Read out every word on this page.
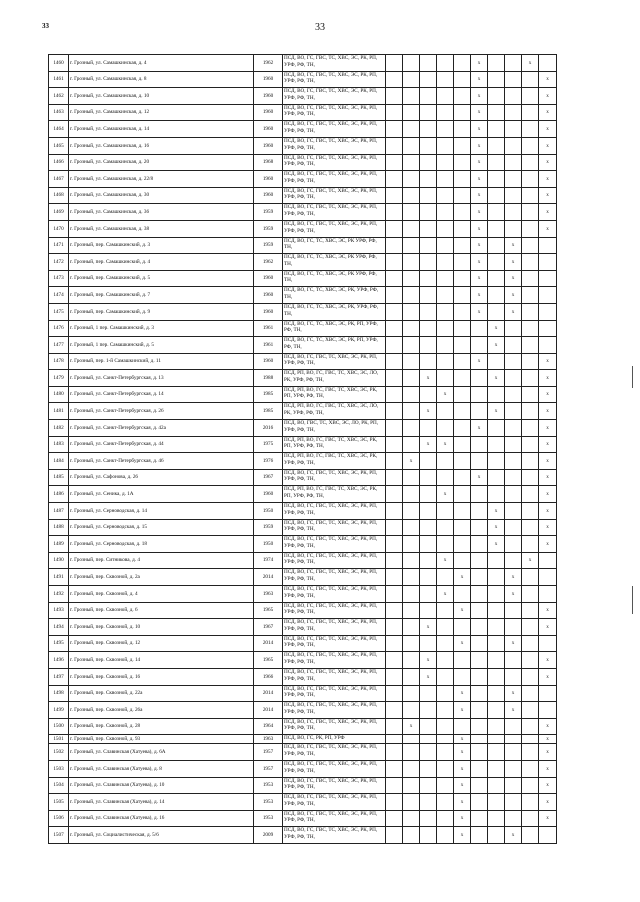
33	33
1460	г. Грозный, ул. Самашкинская, д. 4	1962	ПСД, ВО, ГС, ГВС, ТС, ХВС, ЭС, РК, РП, УРФ, РФ, ТН,						x			x	
1461	г. Грозный, ул. Самашкинская, д. 8	1960	ПСД, ВО, ГС, ГВС, ТС, ХВС, ЭС, РК, РП, УРФ, РФ, ТН,						x				x
1462	г. Грозный, ул. Самашкинская, д. 10	1960	ПСД, ВО, ГС, ГВС, ТС, ХВС, ЭС, РК, РП, УРФ, РФ, ТН,						x				x
1463	г. Грозный, ул. Самашкинская, д. 12	1960	ПСД, ВО, ГС, ГВС, ТС, ХВС, ЭС, РК, РП, УРФ, РФ, ТН,						x				x
1464	г. Грозный, ул. Самашкинская, д. 14	1960	ПСД, ВО, ГС, ГВС, ТС, ХВС, ЭС, РК, РП, УРФ, РФ, ТН,						x				x
1465	г. Грозный, ул. Самашкинская, д. 16	1960	ПСД, ВО, ГС, ГВС, ТС, ХВС, ЭС, РК, РП, УРФ, РФ, ТН,						x				x
1466	г. Грозный, ул. Самашкинская, д. 20	1968	ПСД, ВО, ГС, ГВС, ТС, ХВС, ЭС, РК, РП, УРФ, РФ, ТН,						x				x
1467	г. Грозный, ул. Самашкинская, д. 22/8	1960	ПСД, ВО, ГС, ГВС, ТС, ХВС, ЭС, РК, РП, УРФ, РФ, ТН,						x				x
1468	г. Грозный, ул. Самашкинская, д. 30	1960	ПСД, ВО, ГС, ГВС, ТС, ХВС, ЭС, РК, РП, УРФ, РФ, ТН,						x				x
1469	г. Грозный, ул. Самашкинская, д. 36	1959	ПСД, ВО, ГС, ГВС, ТС, ХВС, ЭС, РК, РП, УРФ, РФ, ТН,						x				x
1470	г. Грозный, ул. Самашкинская, д. 38	1959	ПСД, ВО, ГС, ГВС, ТС, ХВС, ЭС, РК, РП, УРФ, РФ, ТН,						x				x
1471	г. Грозный, пер. Самашкинский, д. 3	1959	ПСД, ВО, ГС, ТС, ХВС, ЭС, РК УРФ, РФ, ТН,						x		x		
1472	г. Грозный, пер. Самашкинский, д. 4	1962	ПСД, ВО, ГС, ТС, ХВС, ЭС, РК УРФ, РФ, ТН,						x		x		
1473	г. Грозный, пер. Самашкинский, д. 5	1960	ПСД, ВО, ГС, ТС, ХВС, ЭС, РК УРФ, РФ, ТН,						x		x		
1474	г. Грозный, пер. Самашкинский, д. 7	1960	ПСД, ВО, ГС, ТС, ХВС, ЭС, РК, УРФ, РФ, ТН,						x		x		
1475	г. Грозный, пер. Самашкинский, д. 9	1960	ПСД, ВО, ГС, ТС, ХВС, ЭС, РК, УРФ, РФ, ТН,						x		x		
1476	г. Грозный, 1 пер. Самашкинский, д. 3	1961	ПСД, ВО, ГС, ТС, ХВС, ЭС, РК, РП, УРФ, РФ, ТН,							x			
1477	г. Грозный, 1 пер. Самашкинский, д. 5	1961	ПСД, ВО, ГС, ТС, ХВС, ЭС, РК, РП, УРФ, РФ, ТН,							x			
1478	г. Грозный, пер. 1-й Самашкинский, д. 11	1960	ПСД, ВО, ГС, ГВС, ТС, ХВС, ЭС, РК, РП, УРФ, РФ, ТН,						x				x
1479	г. Грозный, ул. Санкт-Петербургская, д. 13	1988	ПСД, РП, ВО, ГС, ГВС, ТС, ХВС, ЭС, ЛО, РК, УРФ, РФ, ТН,			x				x			x
1480	г. Грозный, ул. Санкт-Петербургская, д. 14	1985	ПСД, РП, ВО, ГС, ГВС, ТС, ХВС, ЭС, РК, РП, УРФ, РФ, ТН,				x						x
1481	г. Грозный, ул. Санкт-Петербургская, д. 26	1985	ПСД, РП, ВО, ГС, ГВС, ТС, ХВС, ЭС, ЛО, РК, УРФ, РФ, ТН,			x				x			x
1482	г. Грозный, ул. Санкт-Петербургская, д. 42а	2016	ПСД, ВО, ГВС, ТС, ХВС, ЭС, ЛО, РК, РП, УРФ, РФ, ТН,						x				x
1483	г. Грозный, ул. Санкт-Петербургская, д. 44	1975	ПСД, РП, ВО, ГС, ГВС, ТС, ХВС, ЭС, РК, РП, УРФ, РФ, ТН,			x	x						x
1484	г. Грозный, ул. Санкт-Петербургская, д. 46	1976	ПСД, РП, ВО, ГС, ГВС, ТС, ХВС, ЭС, РК, УРФ, РФ, ТН,		x								x
1485	г. Грозный, ул. Сафонова, д. 26	1967	ПСД, ВО, ГС, ГВС, ТС, ХВС, ЭС, РК, РП, УРФ, РФ, ТН,						x				x
1486	г. Грозный, ул. Сеника, д. 1А	1960	ПСД, РП, ВО, ГС, ГВС, ТС, ХВС, ЭС, РК, РП, УРФ, РФ, ТН,				x						x
1487	г. Грозный, ул. Серноводская, д. 14	1950	ПСД, ВО, ГС, ГВС, ТС, ХВС, ЭС, РК, РП, УРФ, РФ, ТН,							x			x
1488	г. Грозный, ул. Серноводская, д. 15	1959	ПСД, ВО, ГС, ГВС, ТС, ХВС, ЭС, РК, РП, УРФ, РФ, ТН,							x			x
1489	г. Грозный, ул. Серноводская, д. 18	1950	ПСД, ВО, ГС, ГВС, ТС, ХВС, ЭС, РК, РП, УРФ, РФ, ТН,							x			x
1490	г. Грозный, пер. Ситникова, д. 4	1974	ПСД, ВО, ГС, ГВС, ТС, ХВС, ЭС, РК, РП, УРФ, РФ, ТН,				x					x	
1491	г. Грозный, пер. Сквозной, д. 2а	2014	ПСД, ВО, ГС, ГВС, ТС, ХВС, ЭС, РК, РП, УРФ, РФ, ТН,					x			x		
1492	г. Грозный, пер. Сквозной, д. 4	1963	ПСД, ВО, ГС, ГВС, ТС, ХВС, ЭС, РК, РП, УРФ, РФ, ТН,				x				x		
1493	г. Грозный, пер. Сквозной, д. 6	1965	ПСД, ВО, ГС, ГВС, ТС, ХВС, ЭС, РК, РП, УРФ, РФ, ТН,					x					x
1494	г. Грозный, пер. Сквозной, д. 10	1967	ПСД, ВО, ГС, ГВС, ТС, ХВС, ЭС, РК, РП, УРФ, РФ, ТН,			x							x
1495	г. Грозный, пер. Сквозной, д. 12	2014	ПСД, ВО, ГС, ГВС, ТС, ХВС, ЭС, РК, РП, УРФ, РФ, ТН,					x			x		
1496	г. Грозный, пер. Сквозной, д. 14	1965	ПСД, ВО, ГС, ГВС, ТС, ХВС, ЭС, РК, РП, УРФ, РФ, ТН,			x							x
1497	г. Грозный, пер. Сквозной, д. 16	1966	ПСД, ВО, ГС, ГВС, ТС, ХВС, ЭС, РК, РП, УРФ, РФ, ТН,			x							x
1498	г. Грозный, пер. Сквозной, д. 22а	2014	ПСД, ВО, ГС, ГВС, ТС, ХВС, ЭС, РК, РП, УРФ, РФ, ТН,					x			x		
1499	г. Грозный, пер. Сквозной, д. 26а	2014	ПСД, ВО, ГС, ГВС, ТС, ХВС, ЭС, РК, РП, УРФ, РФ, ТН,					x			x		
1500	г. Грозный, пер. Сквозной, д. 28	1964	ПСД, ВО, ГС, ГВС, ТС, ХВС, ЭС, РК, РП, УРФ, РФ, ТН,		x								x
1501	г. Грозный, пер. Сквозной, д. 93	1963	ПСД, ВО, ГС, РК, РП, УРФ					x					x
1502	г. Грозный, ул. Славинская (Хатуева), д. 6А	1957	ПСД, ВО, ГС, ГВС, ТС, ХВС, ЭС, РК, РП, УРФ, РФ, ТН,					x					x
1503	г. Грозный, ул. Славинская (Хатуева), д. 8	1957	ПСД, ВО, ГС, ГВС, ТС, ХВС, ЭС, РК, РП, УРФ, РФ, ТН,					x					x
1504	г. Грозный, ул. Славинская (Хатуева), д. 10	1953	ПСД, ВО, ГС, ГВС, ТС, ХВС, ЭС, РК, РП, УРФ, РФ, ТН,					x					x
1505	г. Грозный, ул. Славинская (Хатуева), д. 14	1953	ПСД, ВО, ГС, ГВС, ТС, ХВС, ЭС, РК, РП, УРФ, РФ, ТН,					x					x
1506	г. Грозный, ул. Славинская (Хатуева), д. 16	1953	ПСД, ВО, ГС, ГВС, ТС, ХВС, ЭС, РК, РП, УРФ, РФ, ТН,					x					x
1507	г. Грозный, ул. Социалистическая, д. 5/6	2009	ПСД, ВО, ГС, ГВС, ТС, ХВС, ЭС, РК, РП, УРФ, РФ, ТН,					x			x		
